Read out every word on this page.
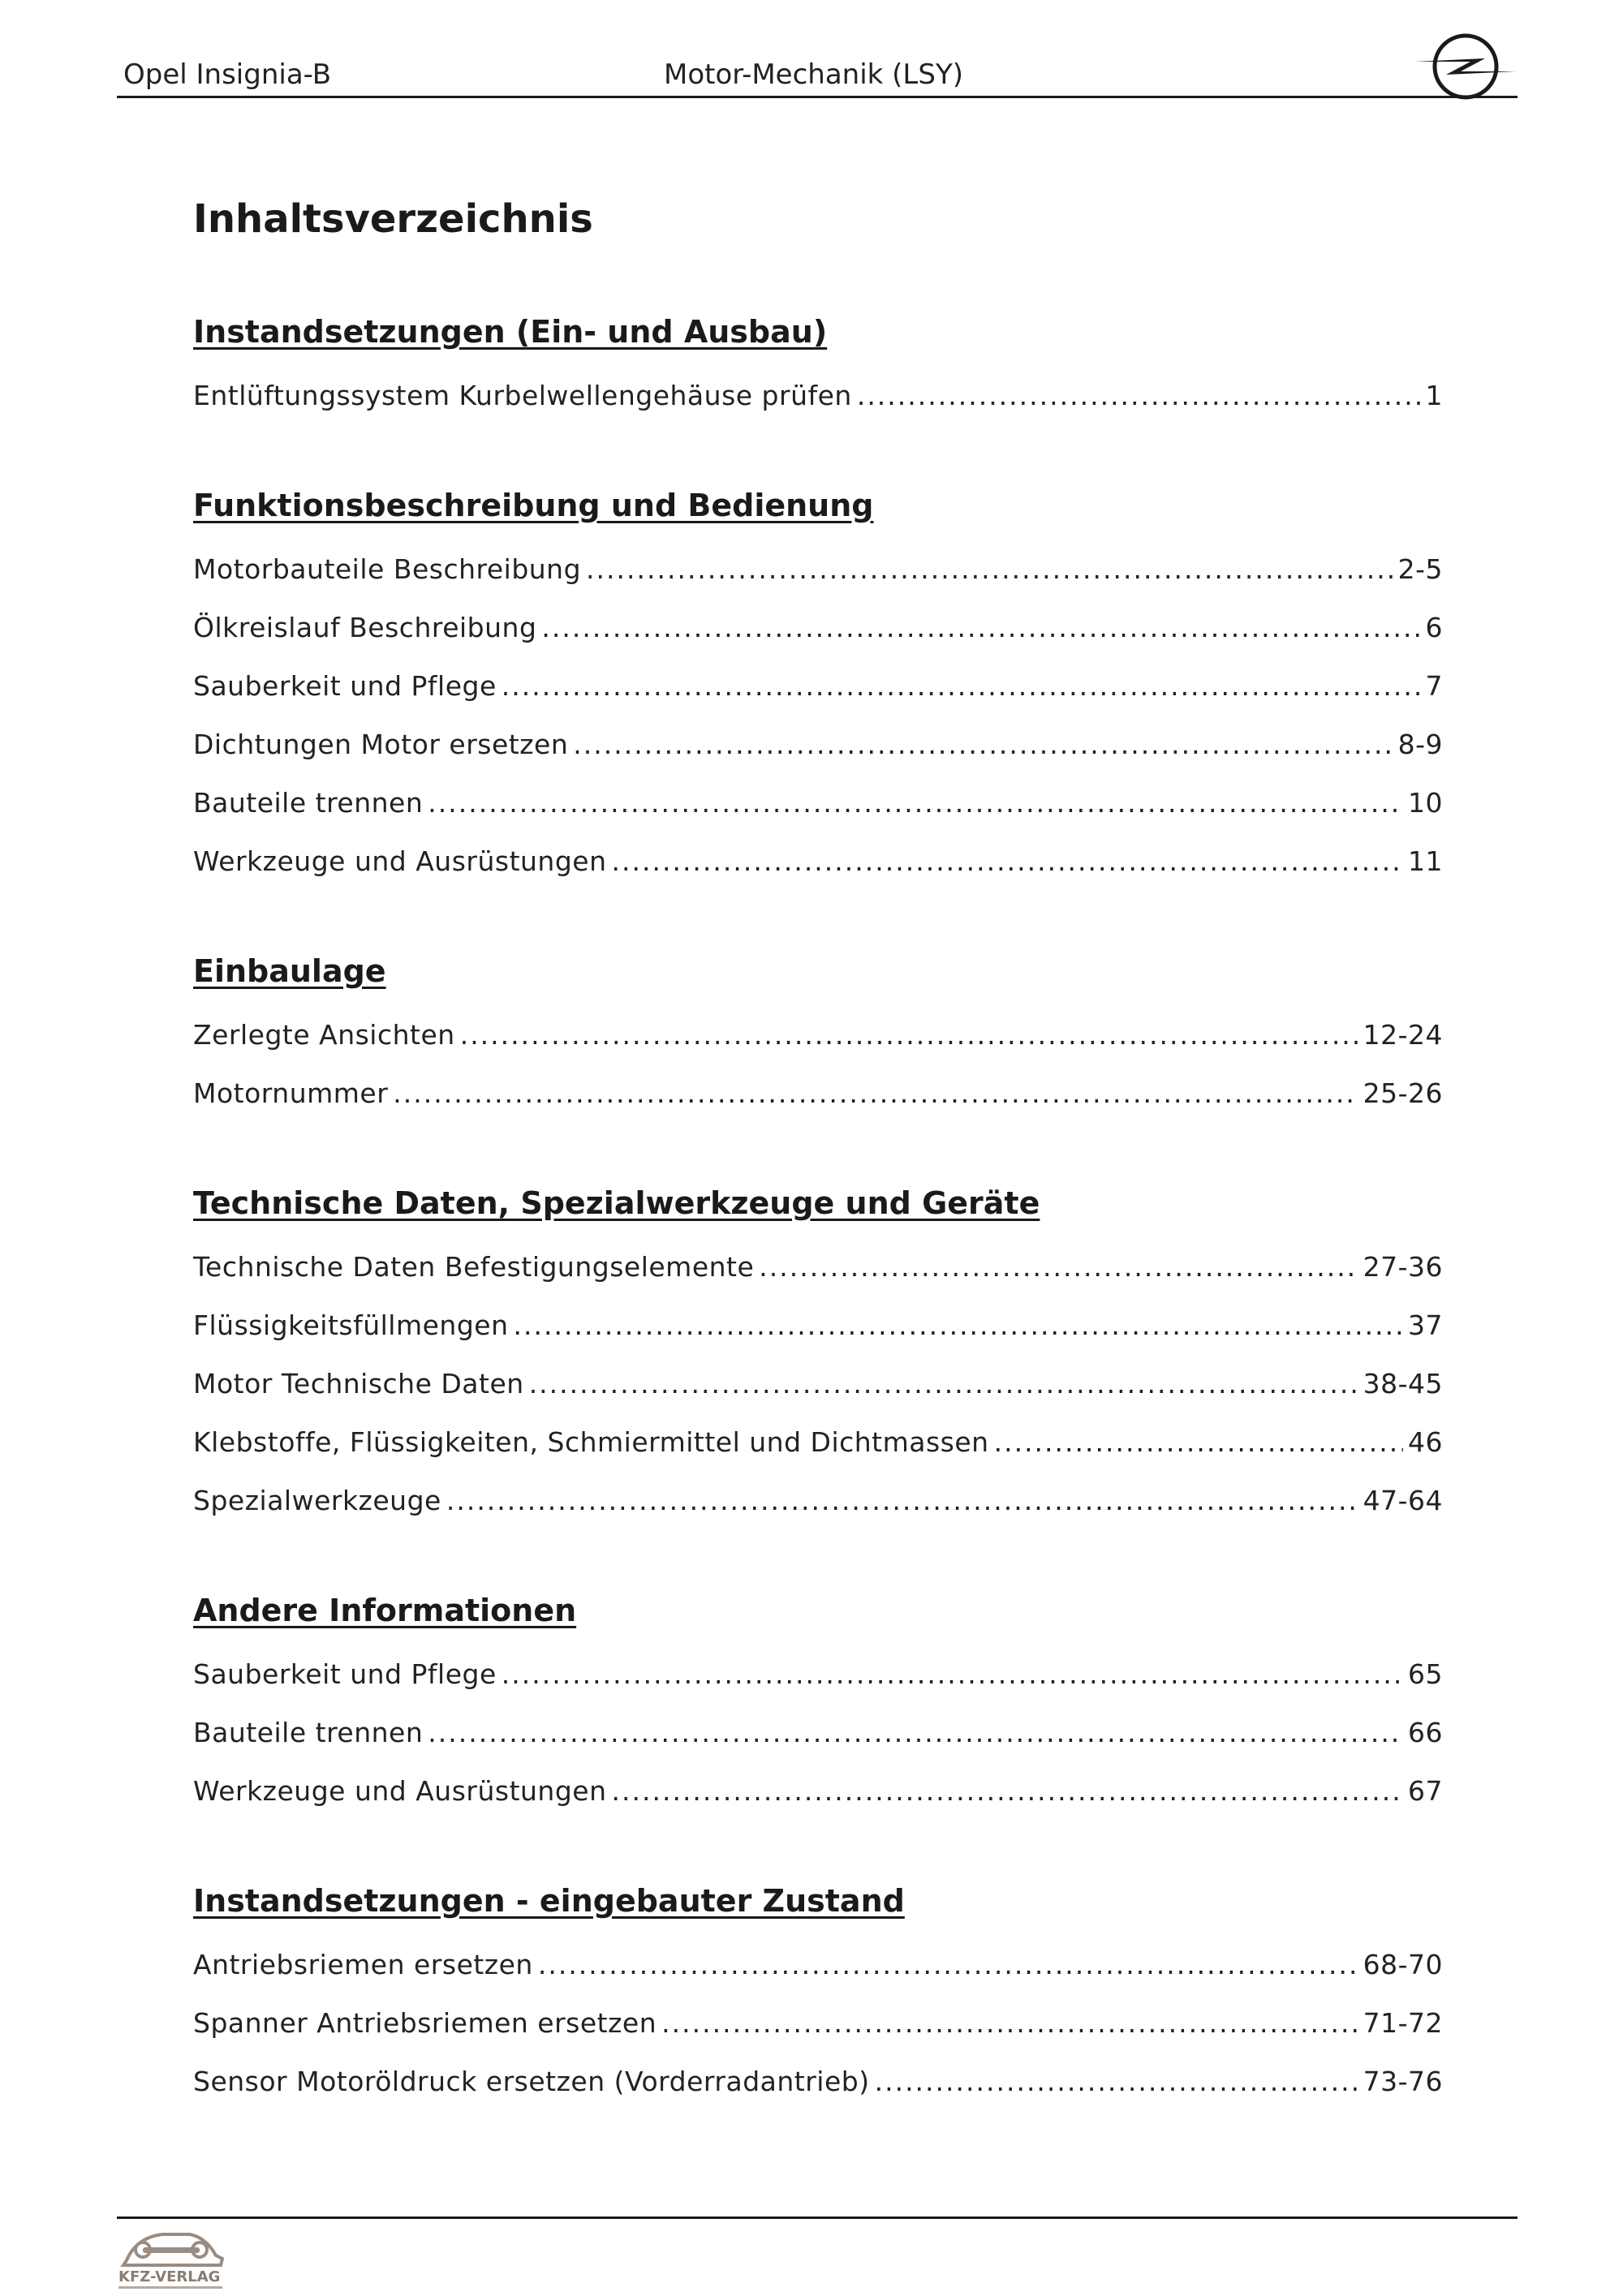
Opel Insignia-B	Motor-Mechanik (LSY)
Inhaltsverzeichnis
Instandsetzungen (Ein- und Ausbau)
Entlüftungssystem Kurbelwellengehäuse prüfen .....	1
Funktionsbeschreibung und Bedienung
Motorbauteile Beschreibung .....	2-5
Ölkreislauf Beschreibung .....	6
Sauberkeit und Pflege .....	7
Dichtungen Motor ersetzen .....	8-9
Bauteile trennen .....	10
Werkzeuge und Ausrüstungen .....	11
Einbaulage
Zerlegte Ansichten .....	12-24
Motornummer .....	25-26
Technische Daten, Spezialwerkzeuge und Geräte
Technische Daten Befestigungselemente .....	27-36
Flüssigkeitsfüllmengen .....	37
Motor Technische Daten .....	38-45
Klebstoffe, Flüssigkeiten, Schmiermittel und Dichtmassen .....	46
Spezialwerkzeuge .....	47-64
Andere Informationen
Sauberkeit und Pflege .....	65
Bauteile trennen .....	66
Werkzeuge und Ausrüstungen .....	67
Instandsetzungen - eingebauter Zustand
Antriebsriemen ersetzen .....	68-70
Spanner Antriebsriemen ersetzen .....	71-72
Sensor Motoröldruck ersetzen (Vorderradantrieb) .....	73-76
KFZ-VERLAG
